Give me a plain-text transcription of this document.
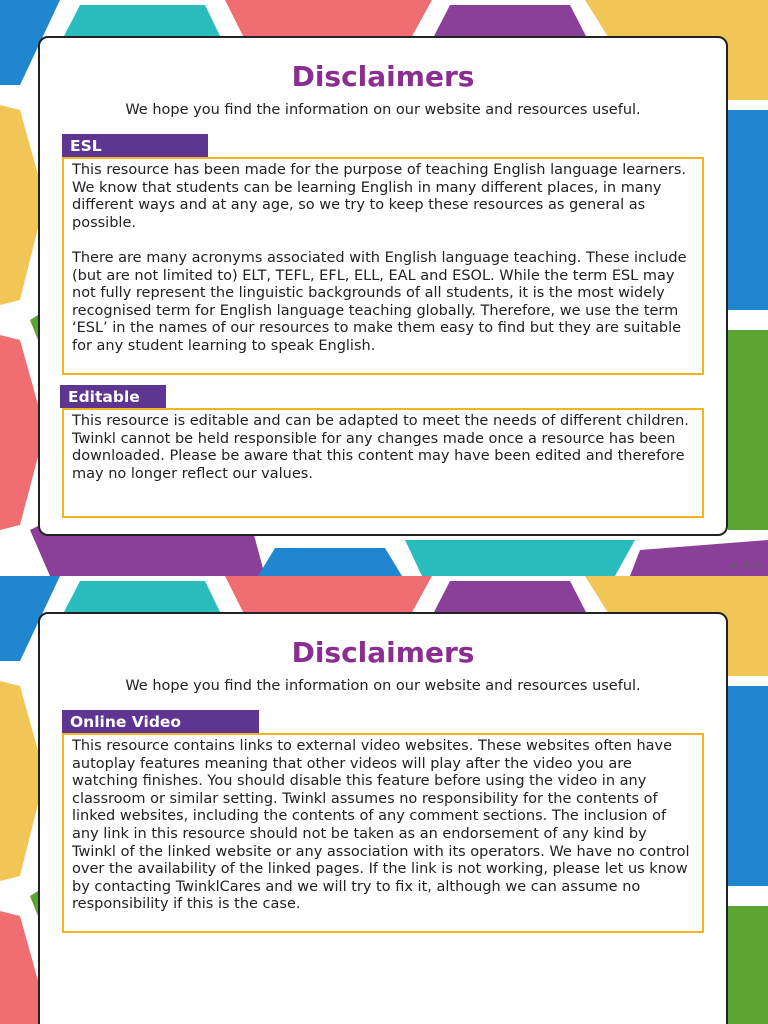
Disclaimers

We hope you find the information on our website and resources useful.

ESL

This resource has been made for the purpose of teaching English language learners. We know that students can be learning English in many different places, in many different ways and at any age, so we try to keep these resources as general as possible.

There are many acronyms associated with English language teaching. These include (but are not limited to) ELT, TEFL, EFL, ELL, EAL and ESOL. While the term ESL may not fully represent the linguistic backgrounds of all students, it is the most widely recognised term for English language teaching globally. Therefore, we use the term ‘ESL’ in the names of our resources to make them easy to find but they are suitable for any student learning to speak English.

Editable

This resource is editable and can be adapted to meet the needs of different children. Twinkl cannot be held responsible for any changes made once a resource has been downloaded. Please be aware that this content may have been edited and therefore may no longer reflect our values.

twinkl.com
Disclaimers

We hope you find the information on our website and resources useful.

Online Video

This resource contains links to external video websites. These websites often have autoplay features meaning that other videos will play after the video you are watching finishes. You should disable this feature before using the video in any classroom or similar setting. Twinkl assumes no responsibility for the contents of linked websites, including the contents of any comment sections. The inclusion of any link in this resource should not be taken as an endorsement of any kind by Twinkl of the linked website or any association with its operators. We have no control over the availability of the linked pages. If the link is not working, please let us know by contacting TwinklCares and we will try to fix it, although we can assume no responsibility if this is the case.
